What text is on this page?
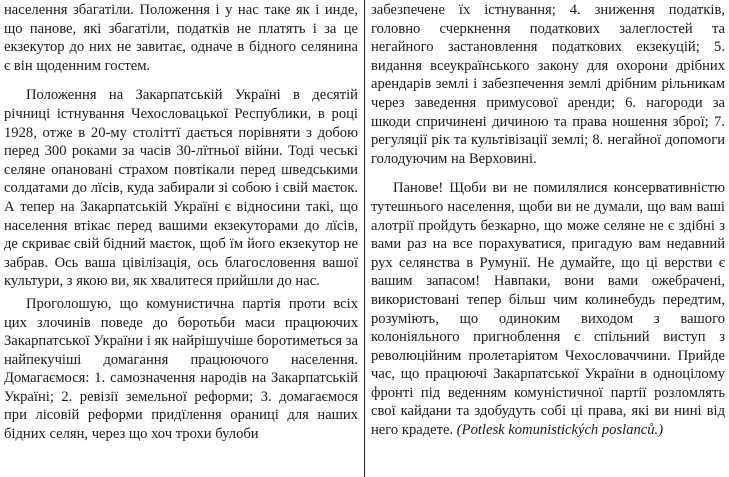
населення збагатіли. Положення і у нас таке як і инде, що панове, які збагатіли, податків не платять і за це екзекутор до них не завитає, одначе в бідного селянина є він щоденним гостем.

Положення на Закарпатській Україні в десятій річниці істнування Чехословацької Республики, в році 1928, отже в 20-му століттї дається порівняти з добою перед 300 роками за часів 30-лїтньої війни. Тоді чеські селяне опановані страхом повтікали перед шведськими солдатами до лїсів, куда забирали зі собою і свій маєток. А тепер на Закарпатській Україні є відносини такі, що населення втікає перед вашими екзекуторами до лїсів, де скриває свій бідний маєток, щоб їм його екзекутор не забрав. Ось ваша цівілізація, ось благословення вашої культури, з якою ви, як хвалитеся прийшли до нас.

Проголошую, що комунистична партія проти всіх цих злочинів поведе до боротьби маси працюючих Закарпатської України і як найрішучіше боротиметься за найпекучіші домагання працюючого населення. Домагаємося: 1. самозначення народів на Закарпатській Україні; 2. ревізії земельної реформи; 3. домагаємося при лісовій реформи придїлення ораниці для наших бідних селян, через що хоч трохи булоби

забезпечене їх істнування; 4. зниження податків, головно счеркнення податкових залеглостей та негайного застановлення податкових екзекуцій; 5. видання всеукраїнського закону для охорони дрібних арендарів землі і забезпечення землі дрібним рільникам через заведення примусової аренди; 6. нагороди за шкоди спричинені дичиною та права ношення зброї; 7. регуляції рік та культівізації землі; 8. негайної допомоги голодуючим на Верховині.

Панове! Щоби ви не помилялися консервативністю тутешнього населення, щоби ви не думали, що вам ваші алотрії пройдуть безкарно, що може селяне не є здібні з вами раз на все порахуватися, пригадую вам недавний рух селянства в Румунії. Не думайте, що ці верстви є вашим запасом! Навпаки, вони вами ожебрачені, використовані тепер більш чим колинебудь передтим, розуміють, що одиноким виходом з вашого колоніяльного пригноблення є спільний виступ з революційним пролетаріятом Чехословаччини. Прийде час, що працюючі Закарпатської України в одноцілому фронті під веденням комуністичної партії розломлять свої кайдани та здобудуть собі ці права, які ви нині від него крадете. (Potlesk komunistických poslanců.)
